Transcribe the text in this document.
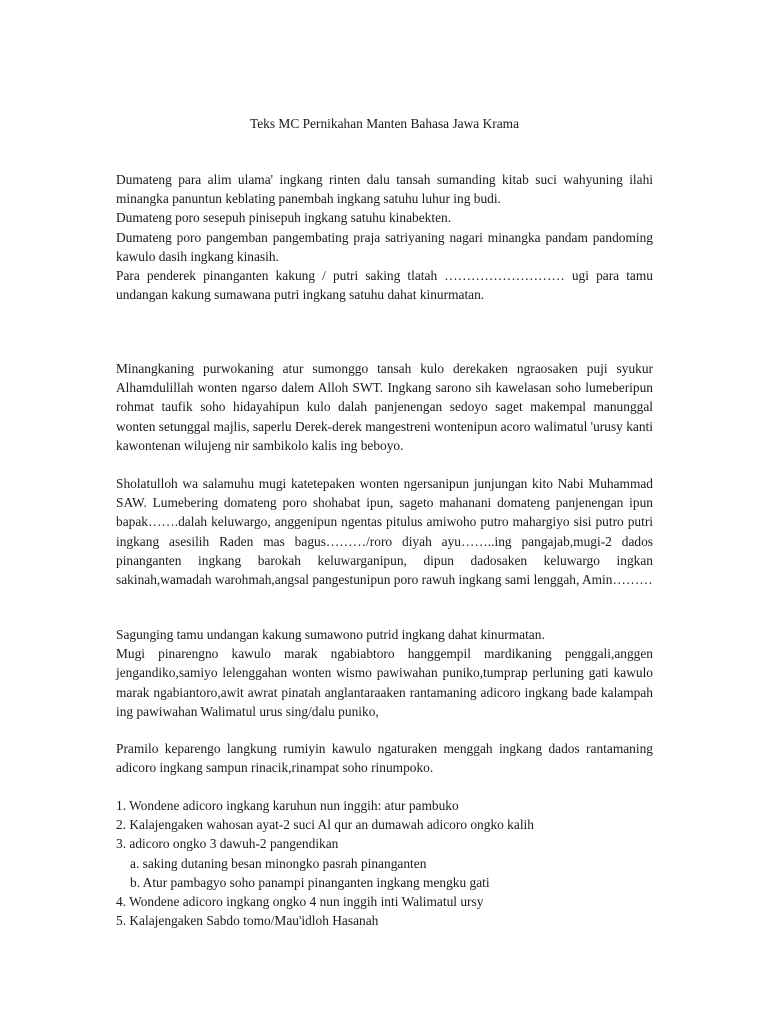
Teks MC Pernikahan Manten Bahasa Jawa Krama

Dumateng para alim ulama' ingkang rinten dalu tansah sumanding kitab suci wahyuning ilahi minangka panuntun keblating panembah ingkang satuhu luhur ing budi.

Dumateng poro sesepuh pinisepuh ingkang satuhu kinabekten.

Dumateng poro pangemban pangembating praja satriyaning nagari minangka pandam pandoming kawulo dasih ingkang kinasih.

Para penderek pinanganten kakung / putri saking tlatah ……………………… ugi para tamu undangan kakung sumawana putri ingkang satuhu dahat kinurmatan.

Minangkaning purwokaning atur sumonggo tansah kulo derekaken ngraosaken puji syukur Alhamdulillah wonten ngarso dalem Alloh SWT. Ingkang sarono sih kawelasan soho lumeberipun rohmat taufik soho hidayahipun kulo dalah panjenengan sedoyo saget makempal manunggal wonten setunggal majlis, saperlu Derek-derek mangestreni wontenipun acoro walimatul 'urusy kanti kawontenan wilujeng nir sambikolo kalis ing beboyo.

Sholatulloh wa salamuhu mugi katetepaken wonten ngersanipun junjungan kito Nabi Muhammad SAW. Lumebering domateng poro shohabat ipun, sageto mahanani domateng panjenengan ipun bapak…….dalah keluwargo, anggenipun ngentas pitulus amiwoho putro mahargiyo sisi putro putri ingkang asesilih Raden mas bagus………/roro diyah ayu……..ing pangajab,mugi-2 dados pinanganten ingkang barokah keluwarganipun, dipun dadosaken keluwargo ingkan sakinah,wamadah warohmah,angsal pangestunipun poro rawuh ingkang sami lenggah, Amin………

Sagunging tamu undangan kakung sumawono putrid ingkang dahat kinurmatan.

Mugi pinarengno kawulo marak ngabiabtoro hanggempil mardikaning penggali,anggen jengandiko,samiyo lelenggahan wonten wismo pawiwahan puniko,tumprap perluning gati kawulo marak ngabiantoro,awit awrat pinatah anglantaraaken rantamaning adicoro ingkang bade kalampah ing pawiwahan Walimatul urus sing/dalu puniko,

Pramilo keparengo langkung rumiyin kawulo ngaturaken menggah ingkang dados rantamaning adicoro ingkang sampun rinacik,rinampat soho rinumpoko.

1. Wondene adicoro ingkang karuhun nun inggih: atur pambuko
2. Kalajengaken wahosan ayat-2 suci Al qur an dumawah adicoro ongko kalih
3. adicoro ongko 3 dawuh-2 pangendikan
a. saking dutaning besan minongko pasrah pinanganten
b. Atur pambagyo soho panampi pinanganten ingkang mengku gati
4. Wondene adicoro ingkang ongko 4 nun inggih inti Walimatul ursy
5. Kalajengaken Sabdo tomo/Mau'idloh Hasanah
